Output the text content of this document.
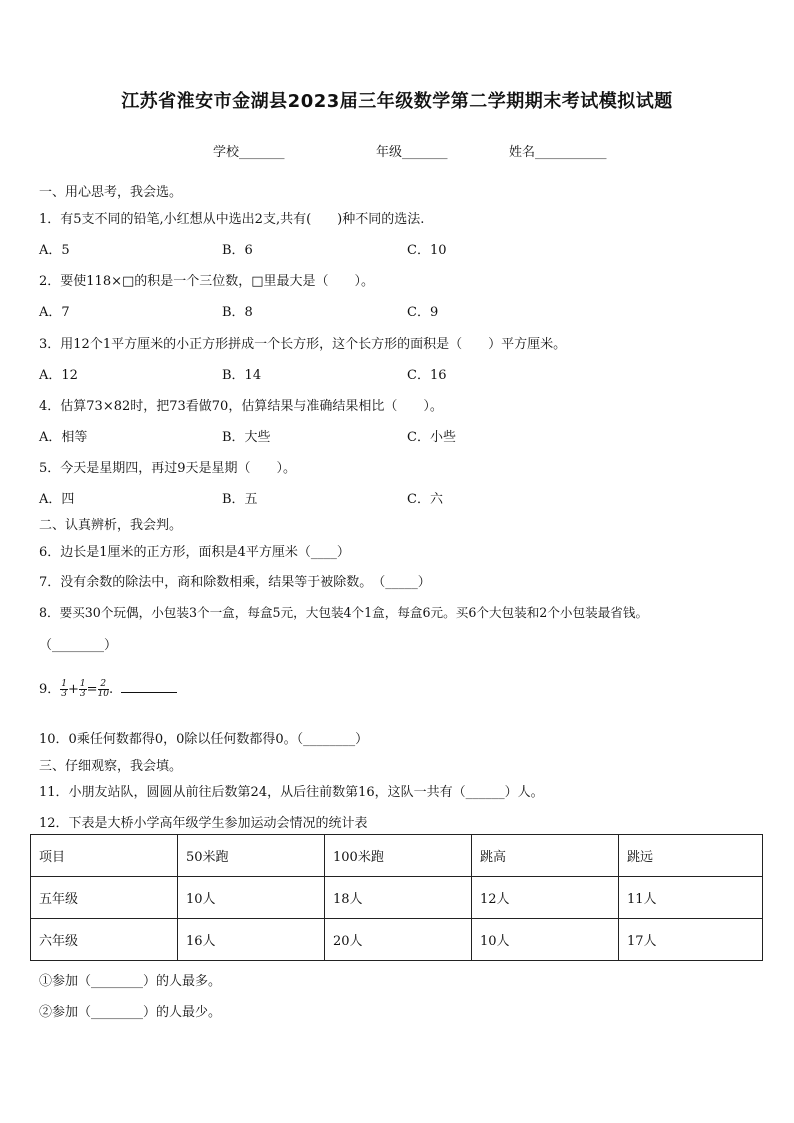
江苏省淮安市金湖县2023届三年级数学第二学期期末考试模拟试题
学校_______	年级_______	姓名___________
一、用心思考，我会选。
1．有5支不同的铅笔,小红想从中选出2支,共有(　　)种不同的选法.
A．5	B．6	C．10
2．要使118×□的积是一个三位数，□里最大是（　　）。
A．7	B．8	C．9
3．用12个1平方厘米的小正方形拼成一个长方形，这个长方形的面积是（　　）平方厘米。
A．12	B．14	C．16
4．估算73×82时，把73看做70，估算结果与准确结果相比（　　）。
A．相等	B．大些	C．小些
5．今天是星期四，再过9天是星期（　　）。
A．四	B．五	C．六
二、认真辨析，我会判。
6．边长是1厘米的正方形，面积是4平方厘米（____）
7．没有余数的除法中，商和除数相乘，结果等于被除数。　（_____）
8．要买30个玩偶，小包装3个一盒，每盒5元，大包装4个1盒，每盒6元。买6个大包装和2个小包装最省钱。
（________）
9． $\frac{1}{3} + \frac{1}{3} = \frac{2}{10}$ .
10．0乘任何数都得0，0除以任何数都得0。（________）
三、仔细观察，我会填。
11．小朋友站队，圆圆从前往后数第24，从后往前数第16，这队一共有（______）人。
12．下表是大桥小学高年级学生参加运动会情况的统计表
项目	50米跑	100米跑	跳高	跳远
五年级	10人	18人	12人	11人
六年级	16人	20人	10人	17人
①参加（________）的人最多。
②参加（________）的人最少。
